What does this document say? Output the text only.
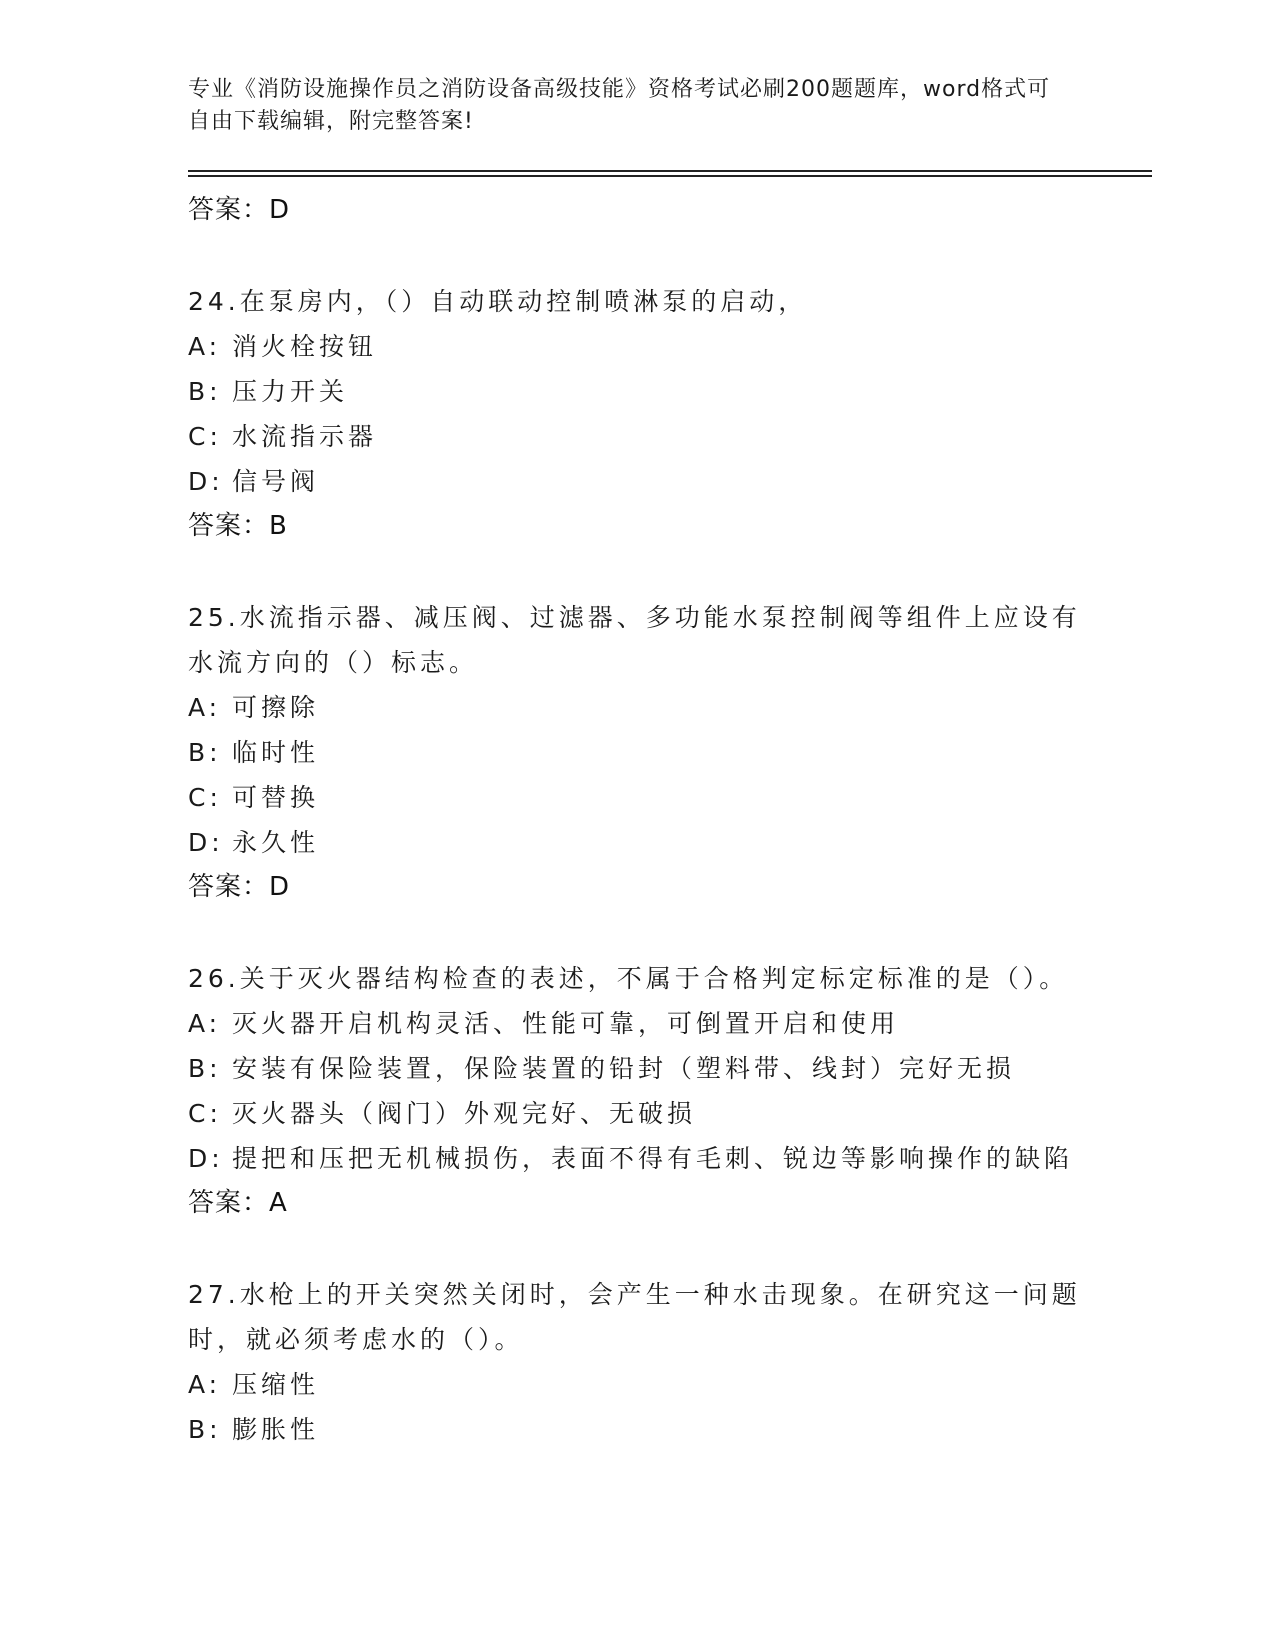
专业《消防设施操作员之消防设备高级技能》资格考试必刷200题题库，word格式可自由下载编辑，附完整答案!
答案：D
24.在泵房内，（）自动联动控制喷淋泵的启动，
A: 消火栓按钮
B: 压力开关
C: 水流指示器
D: 信号阀
答案：B
25.水流指示器、减压阀、过滤器、多功能水泵控制阀等组件上应设有
水流方向的（）标志。
A: 可擦除
B: 临时性
C: 可替换
D: 永久性
答案：D
26.关于灭火器结构检查的表述，不属于合格判定标定标准的是（）。
A: 灭火器开启机构灵活、性能可靠，可倒置开启和使用
B: 安装有保险装置，保险装置的铅封（塑料带、线封）完好无损
C: 灭火器头（阀门）外观完好、无破损
D: 提把和压把无机械损伤，表面不得有毛刺、锐边等影响操作的缺陷
答案：A
27.水枪上的开关突然关闭时，会产生一种水击现象。在研究这一问题
时，就必须考虑水的（）。
A: 压缩性
B: 膨胀性
